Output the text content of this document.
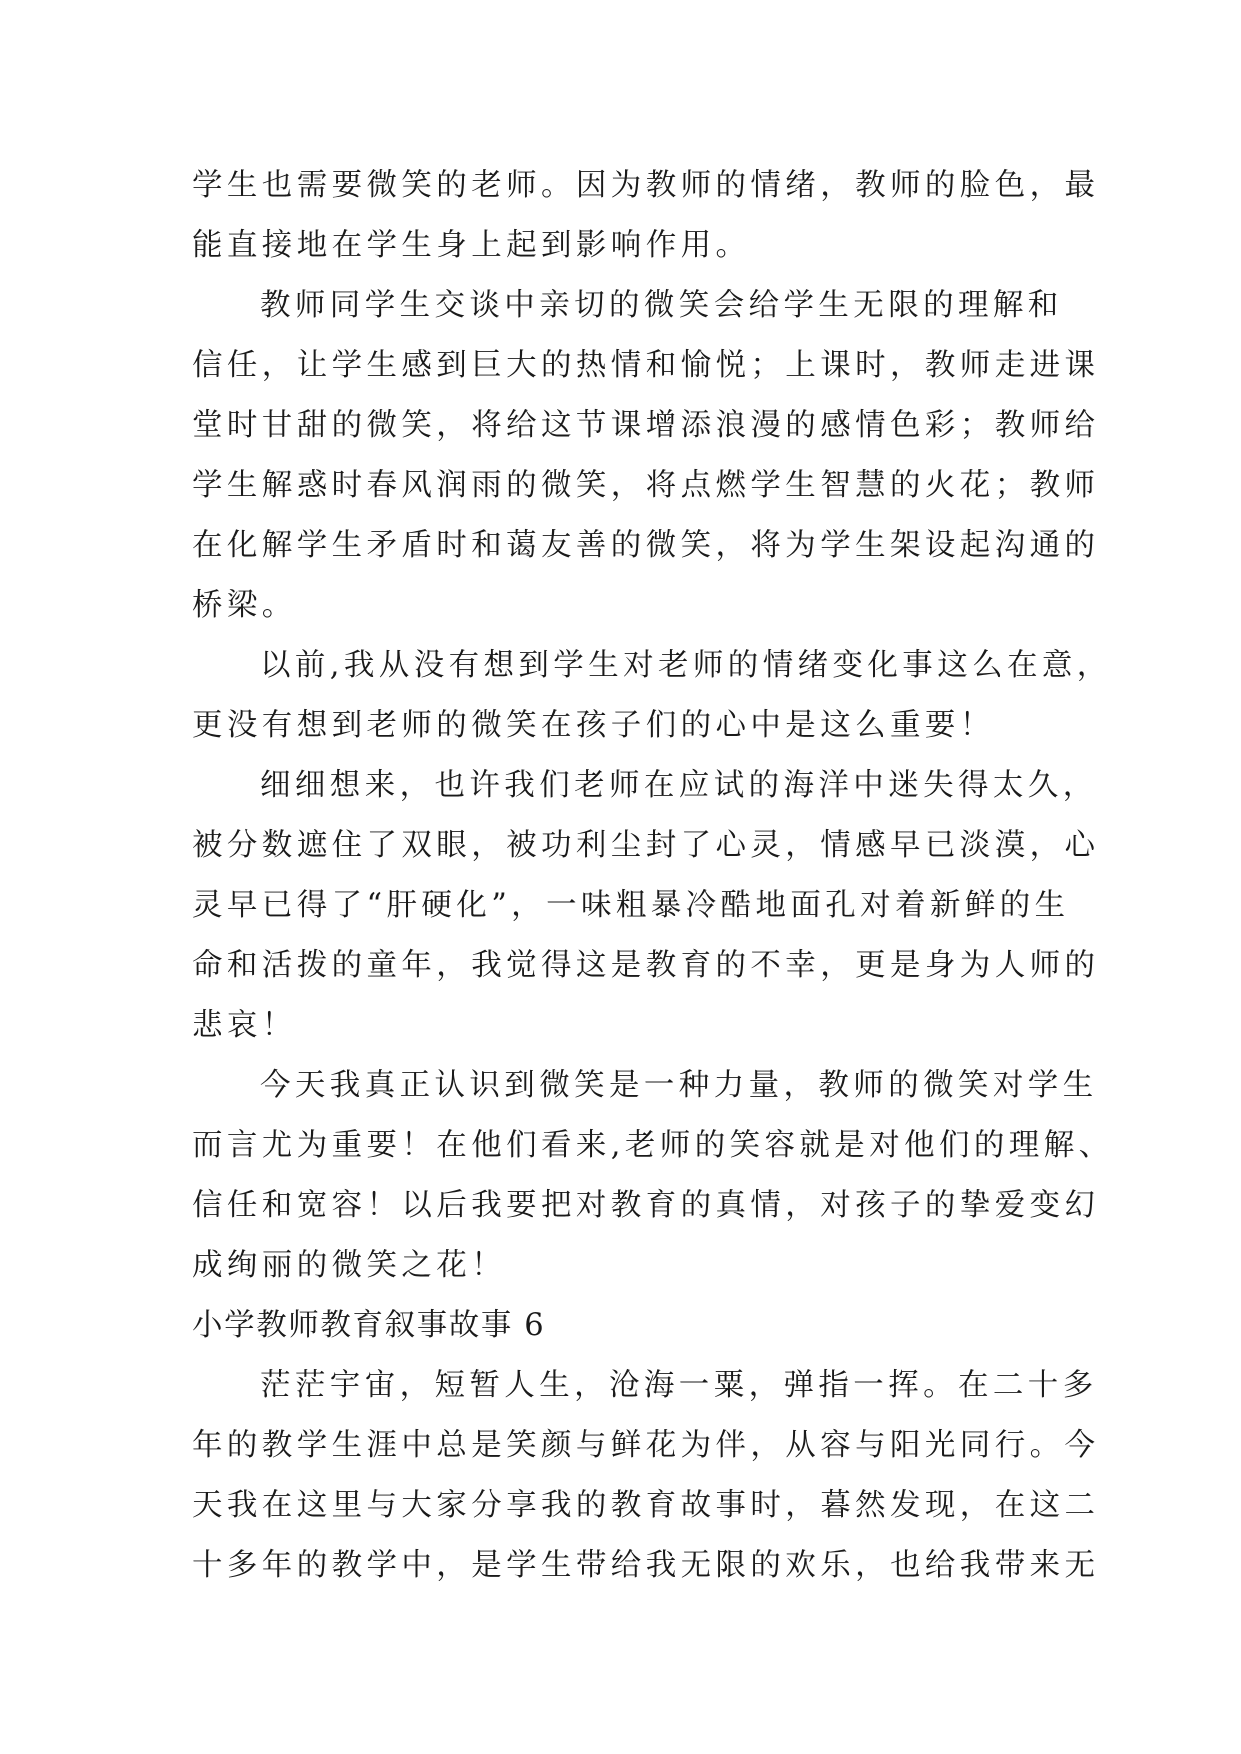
学生也需要微笑的老师。因为教师的情绪，教师的脸色，最
能直接地在学生身上起到影响作用。
教师同学生交谈中亲切的微笑会给学生无限的理解和
信任，让学生感到巨大的热情和愉悦；上课时，教师走进课
堂时甘甜的微笑，将给这节课增添浪漫的感情色彩；教师给
学生解惑时春风润雨的微笑，将点燃学生智慧的火花；教师
在化解学生矛盾时和蔼友善的微笑，将为学生架设起沟通的
桥梁。
以前,我从没有想到学生对老师的情绪变化事这么在意，
更没有想到老师的微笑在孩子们的心中是这么重要！
细细想来，也许我们老师在应试的海洋中迷失得太久，
被分数遮住了双眼，被功利尘封了心灵，情感早已淡漠，心
灵早已得了“肝硬化”，一味粗暴冷酷地面孔对着新鲜的生
命和活拨的童年，我觉得这是教育的不幸，更是身为人师的
悲哀！
今天我真正认识到微笑是一种力量，教师的微笑对学生
而言尤为重要！在他们看来,老师的笑容就是对他们的理解、
信任和宽容！以后我要把对教育的真情，对孩子的挚爱变幻
成绚丽的微笑之花！
小学教师教育叙事故事 6
茫茫宇宙，短暂人生，沧海一粟，弹指一挥。在二十多
年的教学生涯中总是笑颜与鲜花为伴，从容与阳光同行。今
天我在这里与大家分享我的教育故事时，暮然发现，在这二
十多年的教学中，是学生带给我无限的欢乐，也给我带来无
